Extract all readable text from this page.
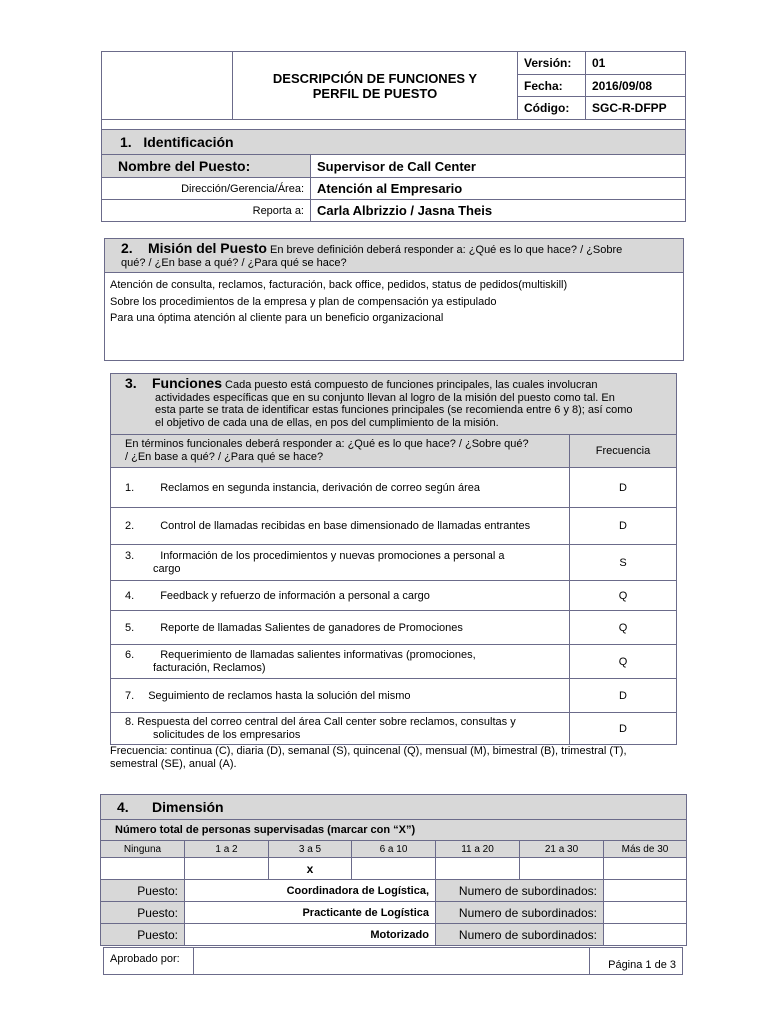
	DESCRIPCIÓN DE FUNCIONES Y
PERFIL DE PUESTO	Versión:	01
		Fecha:	2016/09/08
		Código:	SGC-R-DFPP
1. Identificación	
Nombre del Puesto:	Supervisor de Call Center
Dirección/Gerencia/Área:	Atención al Empresario
Reporta a:	Carla Albrizzio / Jasna Theis
2. Misión del Puesto En breve definición deberá responder a: ¿Qué es lo que hace? / ¿Sobre
qué? / ¿En base a qué? / ¿Para qué se hace?
Atención de consulta, reclamos, facturación, back office, pedidos, status de pedidos(multiskill)
Sobre los procedimientos de la empresa y plan de compensación ya estipulado
Para una óptima atención al cliente para un beneficio organizacional
3. Funciones Cada puesto está compuesto de funciones principales, las cuales involucran
actividades específicas que en su conjunto llevan al logro de la misión del puesto como tal. En
esta parte se trata de identificar estas funciones principales (se recomienda entre 6 y 8); así como
el objetivo de cada una de ellas, en pos del cumplimiento de la misión.	
En términos funcionales deberá responder a: ¿Qué es lo que hace? / ¿Sobre qué?
/ ¿En base a qué? / ¿Para qué se hace?	Frecuencia
1. Reclamos en segunda instancia, derivación de correo según área	D
2. Control de llamadas recibidas en base dimensionado de llamadas entrantes	D
3. Información de los procedimientos y nuevas promociones a personal a
cargo	S
4. Feedback y refuerzo de información a personal a cargo	Q
5. Reporte de llamadas Salientes de ganadores de Promociones	Q
6. Requerimiento de llamadas salientes informativas (promociones,
facturación, Reclamos)	Q
7. Seguimiento de reclamos hasta la solución del mismo	D
8. Respuesta del correo central del área Call center sobre reclamos, consultas y
solicitudes de los empresarios	D
Frecuencia: continua (C), diaria (D), semanal (S), quincenal (Q), mensual (M), bimestral (B), trimestral (T),
semestral (SE), anual (A).
4. Dimensión						
Número total de personas supervisadas (marcar con “X”)						
Ninguna	1 a 2	3 a 5	6 a 10	11 a 20	21 a 30	Más de 30
		x				
Puesto:	Coordinadora de Logística,			Numero de subordinados:		
Puesto:	Practicante de Logística			Numero de subordinados:		
Puesto:	Motorizado			Numero de subordinados:		
Aprobado por:		Página 1 de 3
